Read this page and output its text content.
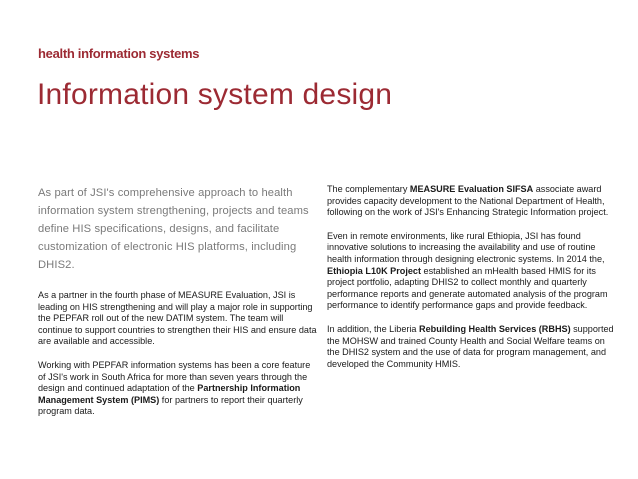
health information systems
Information system design
As part of JSI's comprehensive approach to health information system strengthening, projects and teams define HIS specifications, designs, and facilitate customization of electronic HIS platforms, including DHIS2.

As a partner in the fourth phase of MEASURE Evaluation, JSI is leading on HIS strengthening and will play a major role in supporting the PEPFAR roll out of the new DATIM system. The team will continue to support countries to strengthen their HIS and ensure data are available and accessible.

Working with PEPFAR information systems has been a core feature of JSI's work in South Africa for more than seven years through the design and continued adaptation of the Partnership Information Management System (PIMS) for partners to report their quarterly program data.

The complementary MEASURE Evaluation SIFSA associate award provides capacity development to the National Department of Health, following on the work of JSI's Enhancing Strategic Information project.

Even in remote environments, like rural Ethiopia, JSI has found innovative solutions to increasing the availability and use of routine health information through designing electronic systems. In 2014 the, Ethiopia L10K Project established an mHealth based HMIS for its project portfolio, adapting DHIS2 to collect monthly and quarterly performance reports and generate automated analysis of the program performance to identify performance gaps and provide feedback.

In addition, the Liberia Rebuilding Health Services (RBHS) supported the MOHSW and trained County Health and Social Welfare teams on the DHIS2 system and the use of data for program management, and developed the Community HMIS.
